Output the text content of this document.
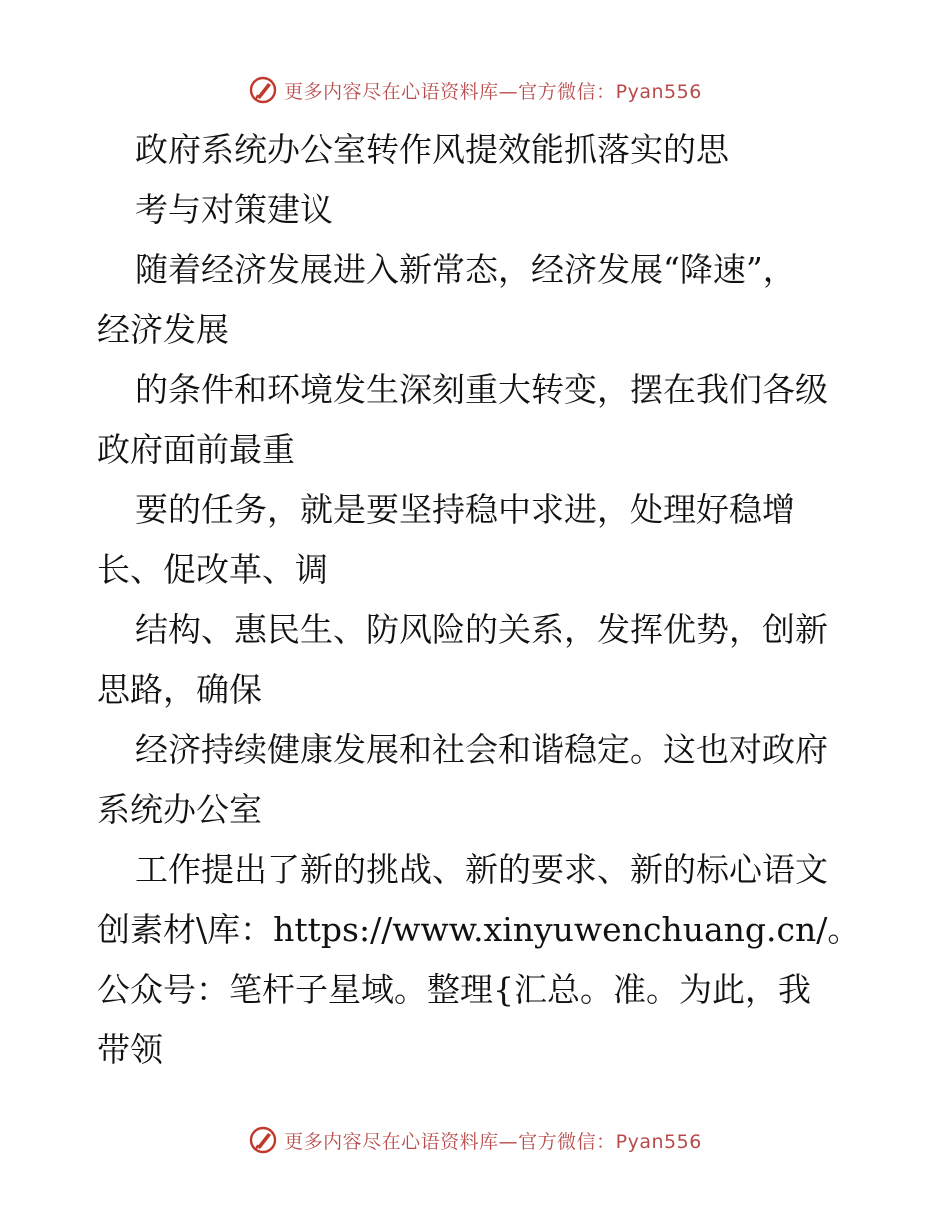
更多内容尽在心语资料库—官方微信：Pyan556

政府系统办公室转作风提效能抓落实的思

考与对策建议

随着经济发展进入新常态，经济发展“降速”，

经济发展

的条件和环境发生深刻重大转变，摆在我们各级

政府面前最重

要的任务，就是要坚持稳中求进，处理好稳增

长、促改革、调

结构、惠民生、防风险的关系，发挥优势，创新

思路，确保

经济持续健康发展和社会和谐稳定。这也对政府

系统办公室

工作提出了新的挑战、新的要求、新的标心语文

创素材\库：https://www.xinyuwenchuang.cn/。

公众号：笔杆子星域。整理{汇总。准。为此，我

带领

更多内容尽在心语资料库—官方微信：Pyan556
